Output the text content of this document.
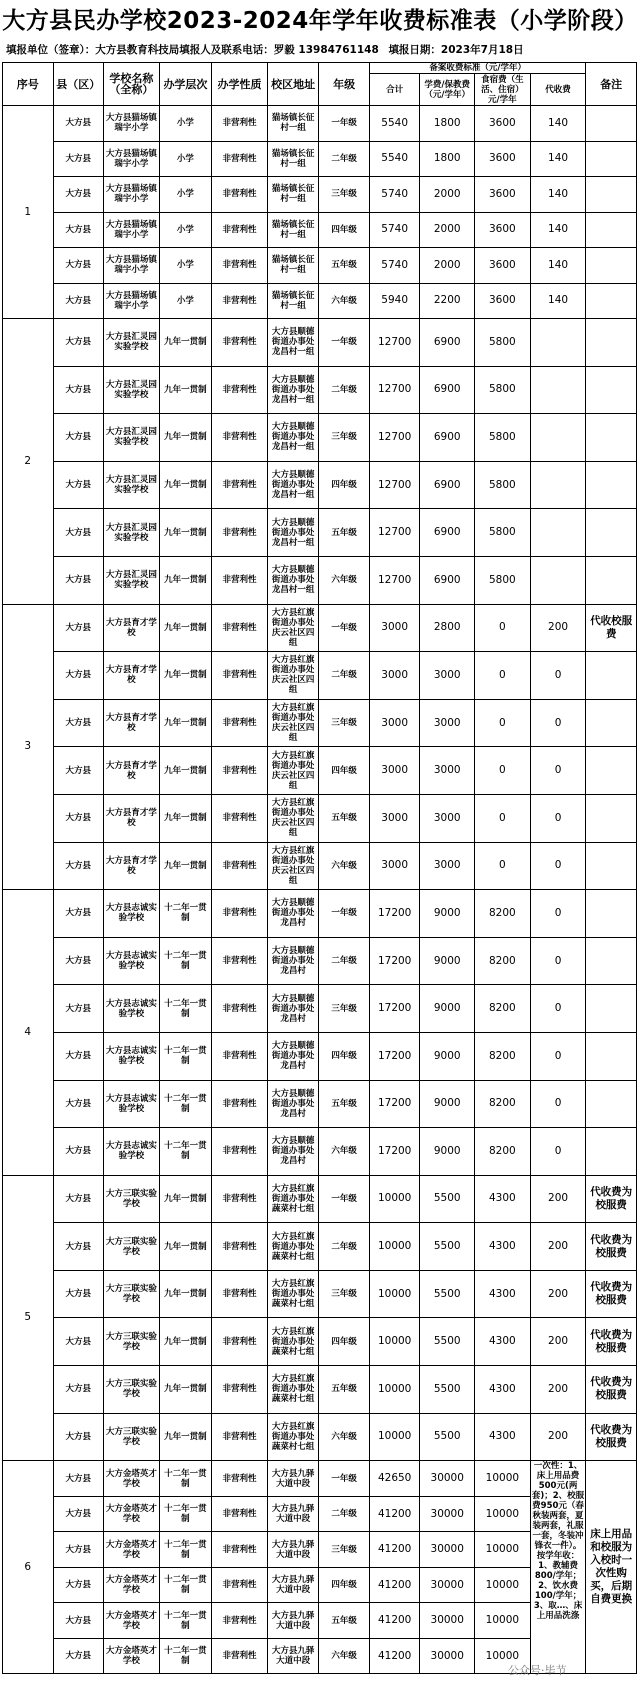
大方县民办学校2023-2024年学年收费标准表（小学阶段）
填报单位（签章）：大方县教育科技局填报人及联系电话：罗毅 13984761148 填报日期：2023年7月18日
序号	县（区）	学校名称（全称）	办学层次	办学性质	校区地址	年级	备案收费标准（元/学年）				备注
							合计	学费/保教费（元/学年）	食宿费（生活、住宿）元/学年	代收费	
1	大方县	大方县猫场镇瑞宇小学	小学	非营利性	猫场镇长征村一组	一年级	5540	1800	3600	140	
	大方县	大方县猫场镇瑞宇小学	小学	非营利性	猫场镇长征村一组	二年级	5540	1800	3600	140	
	大方县	大方县猫场镇瑞宇小学	小学	非营利性	猫场镇长征村一组	三年级	5740	2000	3600	140	
	大方县	大方县猫场镇瑞宇小学	小学	非营利性	猫场镇长征村一组	四年级	5740	2000	3600	140	
	大方县	大方县猫场镇瑞宇小学	小学	非营利性	猫场镇长征村一组	五年级	5740	2000	3600	140	
	大方县	大方县猫场镇瑞宇小学	小学	非营利性	猫场镇长征村一组	六年级	5940	2200	3600	140	
2	大方县	大方县汇灵园实验学校	九年一贯制	非营利性	大方县顺德街道办事处龙昌村一组	一年级	12700	6900	5800		
	大方县	大方县汇灵园实验学校	九年一贯制	非营利性	大方县顺德街道办事处龙昌村一组	二年级	12700	6900	5800		
	大方县	大方县汇灵园实验学校	九年一贯制	非营利性	大方县顺德街道办事处龙昌村一组	三年级	12700	6900	5800		
	大方县	大方县汇灵园实验学校	九年一贯制	非营利性	大方县顺德街道办事处龙昌村一组	四年级	12700	6900	5800		
	大方县	大方县汇灵园实验学校	九年一贯制	非营利性	大方县顺德街道办事处龙昌村一组	五年级	12700	6900	5800		
	大方县	大方县汇灵园实验学校	九年一贯制	非营利性	大方县顺德街道办事处龙昌村一组	六年级	12700	6900	5800		
3	大方县	大方县育才学校	九年一贯制	非营利性	大方县红旗街道办事处庆云社区四组	一年级	3000	2800	0	200	代收校服费
	大方县	大方县育才学校	九年一贯制	非营利性	大方县红旗街道办事处庆云社区四组	二年级	3000	3000	0	0	
	大方县	大方县育才学校	九年一贯制	非营利性	大方县红旗街道办事处庆云社区四组	三年级	3000	3000	0	0	
	大方县	大方县育才学校	九年一贯制	非营利性	大方县红旗街道办事处庆云社区四组	四年级	3000	3000	0	0	
	大方县	大方县育才学校	九年一贯制	非营利性	大方县红旗街道办事处庆云社区四组	五年级	3000	3000	0	0	
	大方县	大方县育才学校	九年一贯制	非营利性	大方县红旗街道办事处庆云社区四组	六年级	3000	3000	0	0	
4	大方县	大方县志诚实验学校	十二年一贯制	非营利性	大方县顺德街道办事处龙昌村	一年级	17200	9000	8200	0	
	大方县	大方县志诚实验学校	十二年一贯制	非营利性	大方县顺德街道办事处龙昌村	二年级	17200	9000	8200	0	
	大方县	大方县志诚实验学校	十二年一贯制	非营利性	大方县顺德街道办事处龙昌村	三年级	17200	9000	8200	0	
	大方县	大方县志诚实验学校	十二年一贯制	非营利性	大方县顺德街道办事处龙昌村	四年级	17200	9000	8200	0	
	大方县	大方县志诚实验学校	十二年一贯制	非营利性	大方县顺德街道办事处龙昌村	五年级	17200	9000	8200	0	
	大方县	大方县志诚实验学校	十二年一贯制	非营利性	大方县顺德街道办事处龙昌村	六年级	17200	9000	8200	0	
5	大方县	大方三联实验学校	九年一贯制	非营利性	大方县红旗街道办事处蔬菜村七组	一年级	10000	5500	4300	200	代收费为校服费
	大方县	大方三联实验学校	九年一贯制	非营利性	大方县红旗街道办事处蔬菜村七组	二年级	10000	5500	4300	200	代收费为校服费
	大方县	大方三联实验学校	九年一贯制	非营利性	大方县红旗街道办事处蔬菜村七组	三年级	10000	5500	4300	200	代收费为校服费
	大方县	大方三联实验学校	九年一贯制	非营利性	大方县红旗街道办事处蔬菜村七组	四年级	10000	5500	4300	200	代收费为校服费
	大方县	大方三联实验学校	九年一贯制	非营利性	大方县红旗街道办事处蔬菜村七组	五年级	10000	5500	4300	200	代收费为校服费
	大方县	大方三联实验学校	九年一贯制	非营利性	大方县红旗街道办事处蔬菜村七组	六年级	10000	5500	4300	200	代收费为校服费
6	大方县	大方金塔英才学校	十二年一贯制	非营利性	大方县九驿大道中段	一年级	42650	30000	10000	一次性：1、床上用品费500元(两套)；2、校服费950元（春秋装两套，夏装两套，礼服一套，冬装冲锋衣一件）。按学年收：1、教辅费800/学年；2、饮水费100/学年；3、取…、床上用品洗涤	床上用品和校服为入校时一次性购买，后期自费更换
	大方县	大方金塔英才学校	十二年一贯制	非营利性	大方县九驿大道中段	二年级	41200	30000	10000		
	大方县	大方金塔英才学校	十二年一贯制	非营利性	大方县九驿大道中段	三年级	41200	30000	10000		
	大方县	大方金塔英才学校	十二年一贯制	非营利性	大方县九驿大道中段	四年级	41200	30000	10000		
	大方县	大方金塔英才学校	十二年一贯制	非营利性	大方县九驿大道中段	五年级	41200	30000	10000		
	大方县	大方金塔英才学校	十二年一贯制	非营利性	大方县九驿大道中段	六年级	41200	30000	10000		
公众号·毕节
